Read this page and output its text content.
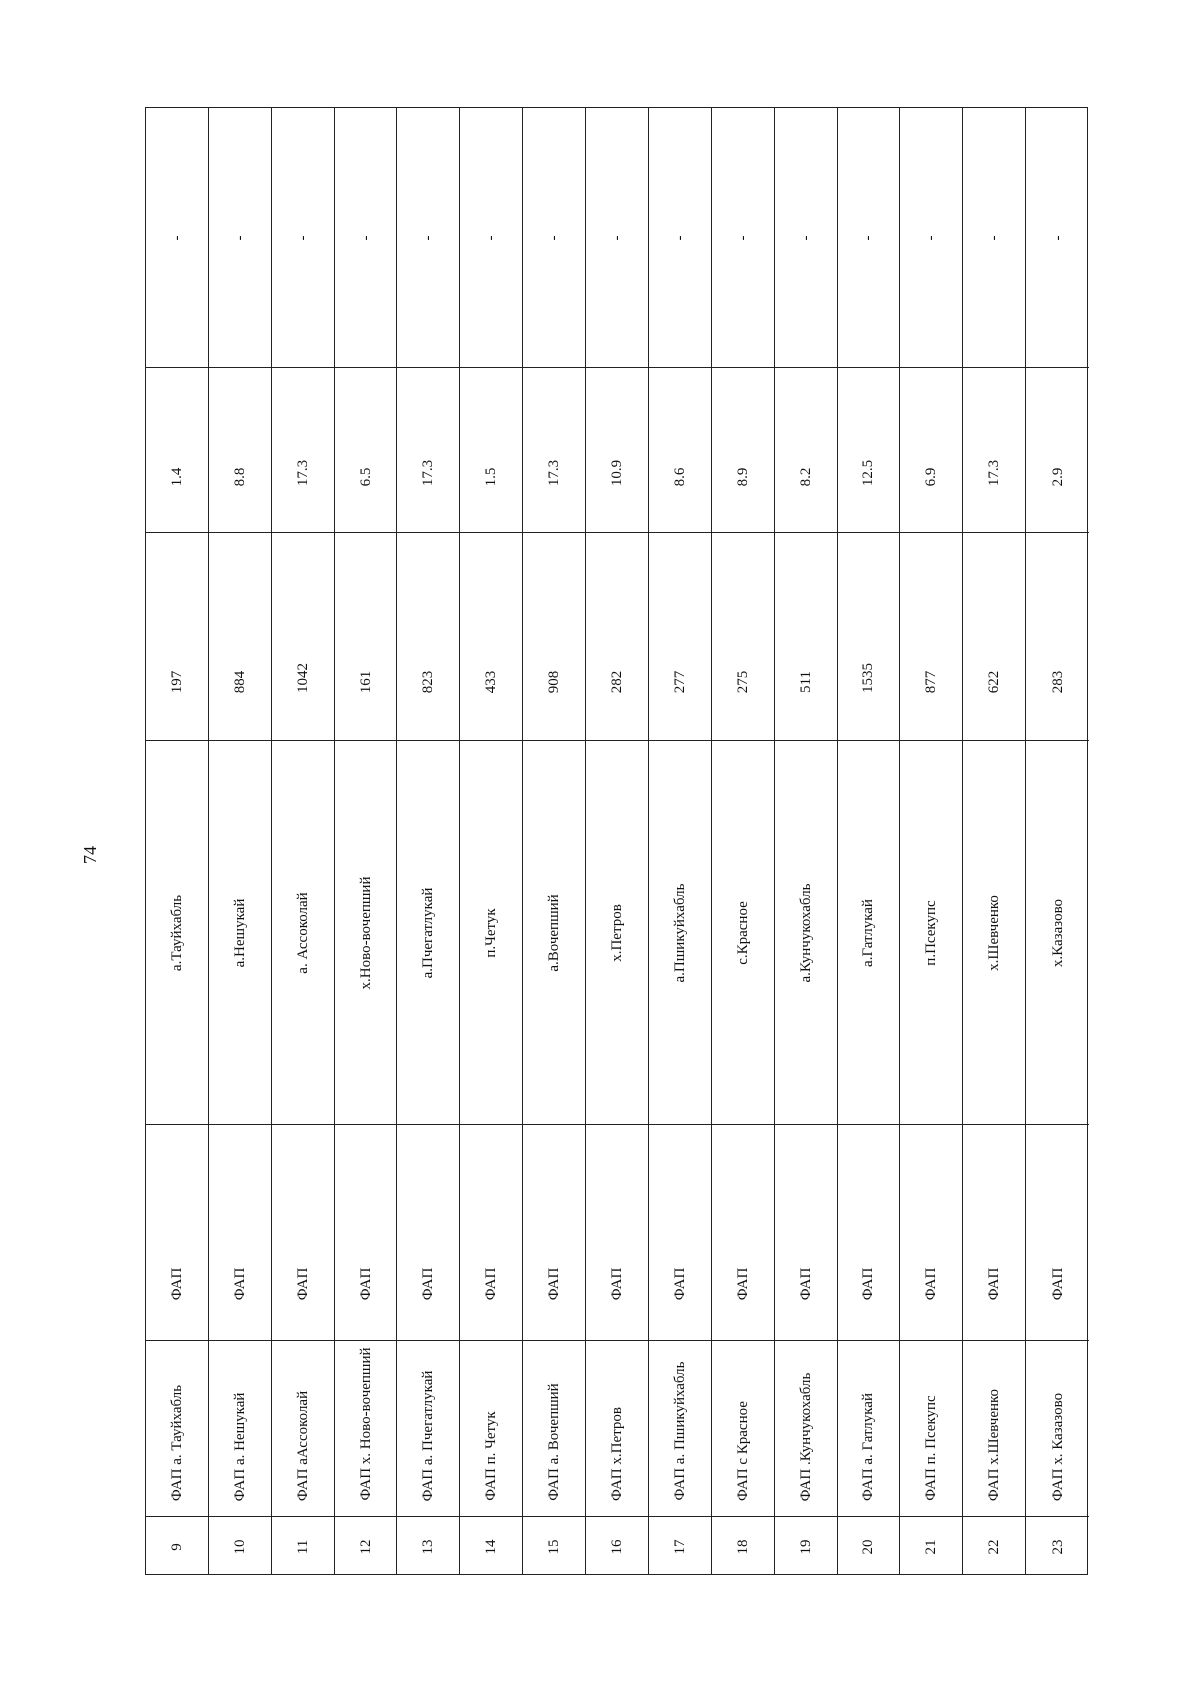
74
-
1.4
197
а.Тауйхабль
ФАП
ФАП а. Тауйхабль
9
-
8.8
884
а.Нешукай
ФАП
ФАП а. Нешукай
10
-
17.3
1042
а. Ассоколай
ФАП
ФАП аАссоколай
11
-
6.5
161
х.Ново-вочепший
ФАП
ФАП х. Ново-вочепший
12
-
17.3
823
а.Пчегатлукай
ФАП
ФАП а. Пчегатлукай
13
-
1.5
433
п.Четук
ФАП
ФАП п. Четук
14
-
17.3
908
а.Вочепший
ФАП
ФАП а. Вочепший
15
-
10.9
282
х.Петров
ФАП
ФАП х.Петров
16
-
8.6
277
а.Пшикуйхабль
ФАП
ФАП а. Пшикуйхабль
17
-
8.9
275
с.Красное
ФАП
ФАП с Красное
18
-
8.2
511
а.Кунчукохабль
ФАП
ФАП .Кунчукохабль
19
-
12.5
1535
а.Гатлукай
ФАП
ФАП а. Гатлукай
20
-
6.9
877
п.Псекупс
ФАП
ФАП п. Псекупс
21
-
17.3
622
х.Шевченко
ФАП
ФАП х.Шевченко
22
-
2.9
283
х.Казазово
ФАП
ФАП х. Казазово
23
